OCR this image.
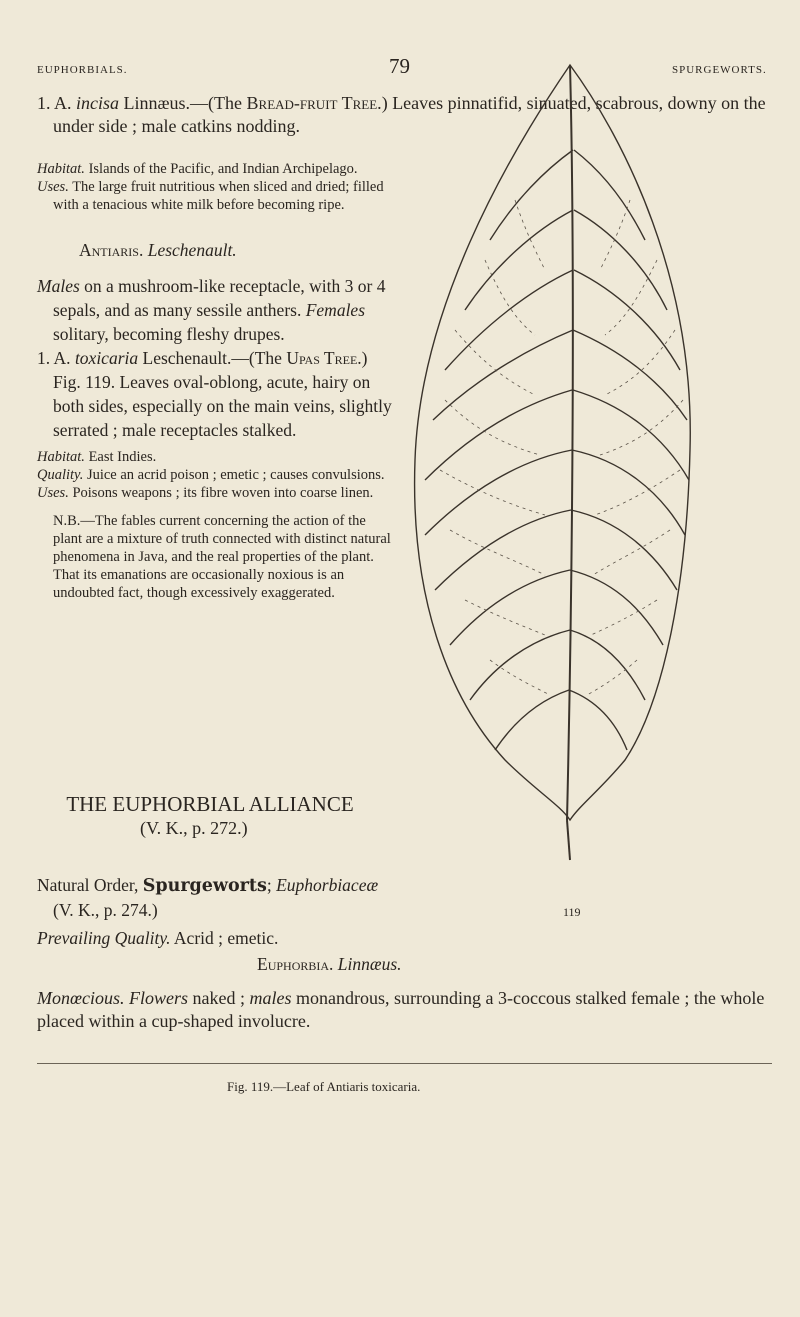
EUPHORBIALS.	79	SPURGEWORTS.
1. A. incisa Linnæus.—(The Bread-fruit Tree.) Leaves pinnatifid, sinuated, scabrous, downy on the under side ; male catkins nodding.

Habitat. Islands of the Pacific, and Indian Archipelago.

Uses. The large fruit nutritious when sliced and dried; filled with a tenacious white milk before becoming ripe.

Antiaris. Leschenault.

Males on a mushroom-like receptacle, with 3 or 4 sepals, and as many sessile anthers. Females solitary, becoming fleshy drupes.

1. A. toxicaria Leschenault.—(The Upas Tree.) Fig. 119. Leaves oval-oblong, acute, hairy on both sides, especially on the main veins, slightly serrated ; male receptacles stalked.

Habitat. East Indies.

Quality. Juice an acrid poison ; emetic ; causes convulsions.

Uses. Poisons weapons ; its fibre woven into coarse linen.

N.B.—The fables current concerning the action of the plant are a mixture of truth connected with distinct natural phenomena in Java, and the real properties of the plant. That its emanations are occasionally noxious is an undoubted fact, though excessively exaggerated.

THE EUPHORBIAL ALLIANCE
(V. K., p. 272.)
Natural Order, Spurgeworts; Euphorbiaceæ (V. K., p. 274.)
Prevailing Quality. Acrid ; emetic.
119
Euphorbia. Linnæus.
Monœcious. Flowers naked ; males monandrous, surrounding a 3-coccous stalked female ; the whole placed within a cup-shaped involucre.
Fig. 119.—Leaf of Antiaris toxicaria.
